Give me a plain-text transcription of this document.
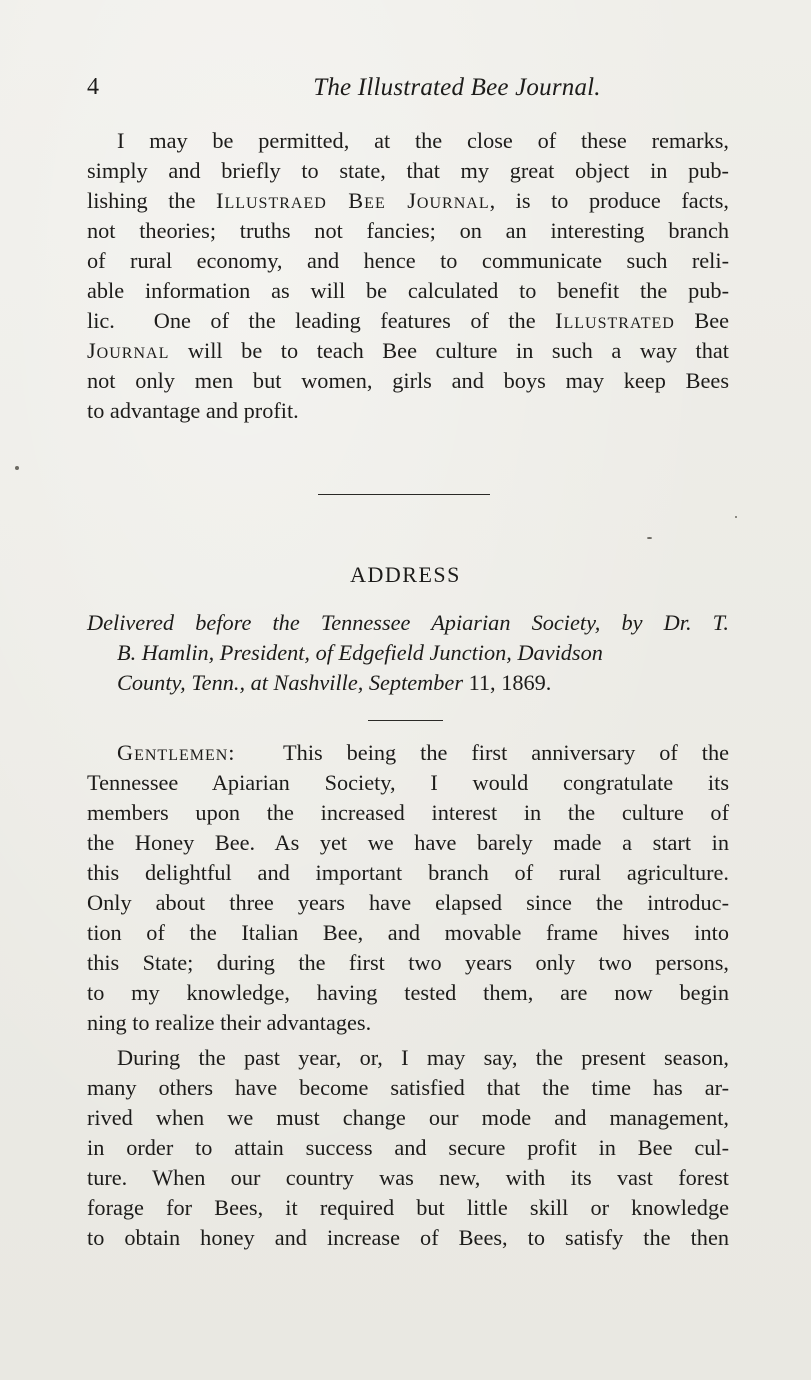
4	The Illustrated Bee Journal.
I may be permitted, at the close of these remarks,
simply and briefly to state, that my great object in pub-
lishing the Illustraed Bee Journal, is to produce facts,
not theories; truths not fancies; on an interesting branch
of rural economy, and hence to communicate such reli-
able information as will be calculated to benefit the pub-
lic.  One of the leading features of the Illustrated Bee
Journal will be to teach Bee culture in such a way that
not only men but women, girls and boys may keep Bees
to advantage and profit.
ADDRESS
Delivered before the Tennessee Apiarian Society, by Dr. T.
B. Hamlin, President, of Edgefield Junction, Davidson
County, Tenn., at Nashville, September 11, 1869.
Gentlemen: This being the first anniversary of the
Tennessee Apiarian Society, I would congratulate its
members upon the increased interest in the culture of
the Honey Bee. As yet we have barely made a start in
this delightful and important branch of rural agriculture.
Only about three years have elapsed since the introduc-
tion of the Italian Bee, and movable frame hives into
this State; during the first two years only two persons,
to my knowledge, having tested them, are now begin
ning to realize their advantages.
During the past year, or, I may say, the present season,
many others have become satisfied that the time has ar-
rived when we must change our mode and management,
in order to attain success and secure profit in Bee cul-
ture. When our country was new, with its vast forest
forage for Bees, it required but little skill or knowledge
to obtain honey and increase of Bees, to satisfy the then
